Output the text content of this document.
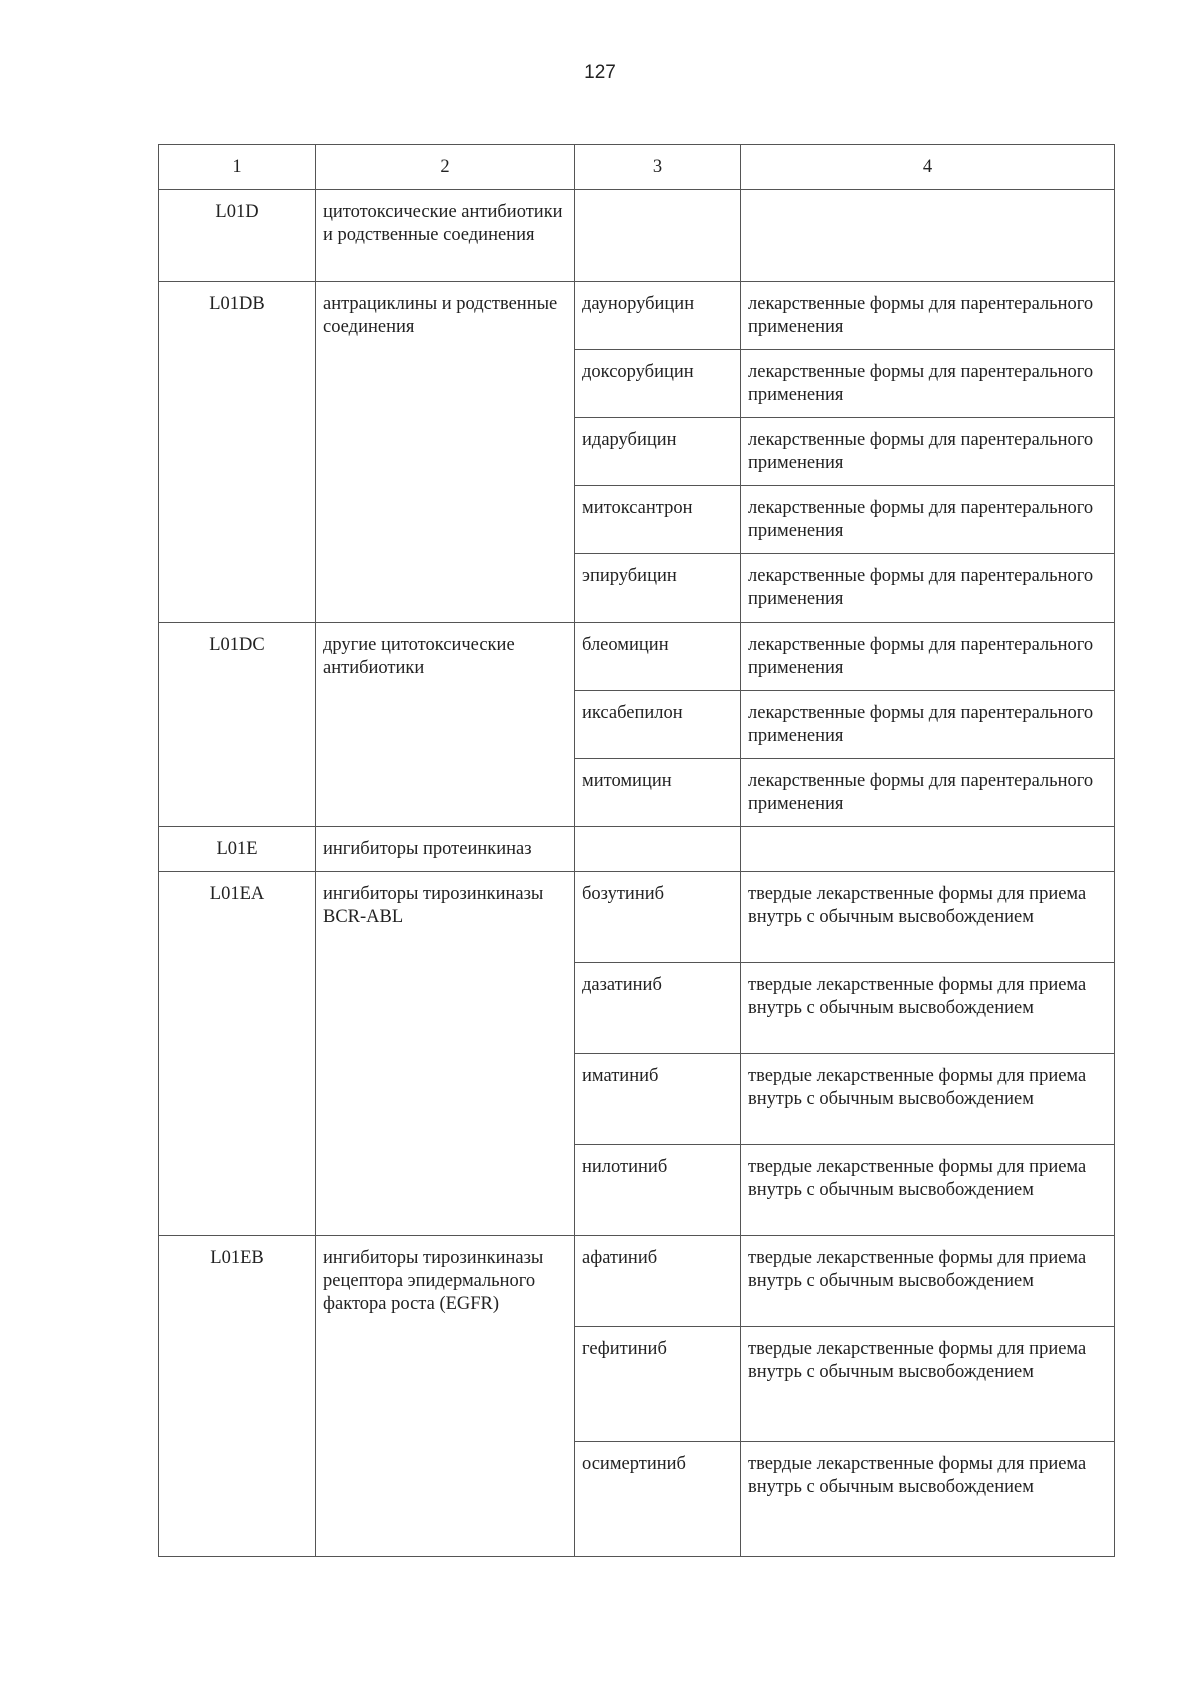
127
1	2	3	4
L01D	цитотоксические антибиотики и родственные соединения		
L01DB	антрациклины и родственные соединения	даунорубицин	лекарственные формы для парентерального применения
		доксорубицин	лекарственные формы для парентерального применения
		идарубицин	лекарственные формы для парентерального применения
		митоксантрон	лекарственные формы для парентерального применения
		эпирубицин	лекарственные формы для парентерального применения
L01DC	другие цитотоксические антибиотики	блеомицин	лекарственные формы для парентерального применения
		иксабепилон	лекарственные формы для парентерального применения
		митомицин	лекарственные формы для парентерального применения
L01E	ингибиторы протеинкиназ		
L01EA	ингибиторы тирозинкиназы BCR-ABL	бозутиниб	твердые лекарственные формы для приема внутрь с обычным высвобождением
		дазатиниб	твердые лекарственные формы для приема внутрь с обычным высвобождением
		иматиниб	твердые лекарственные формы для приема внутрь с обычным высвобождением
		нилотиниб	твердые лекарственные формы для приема внутрь с обычным высвобождением
L01EB	ингибиторы тирозинкиназы рецептора эпидермального фактора роста (EGFR)	афатиниб	твердые лекарственные формы для приема внутрь с обычным высвобождением
		гефитиниб	твердые лекарственные формы для приема внутрь с обычным высвобождением
		осимертиниб	твердые лекарственные формы для приема внутрь с обычным высвобождением
